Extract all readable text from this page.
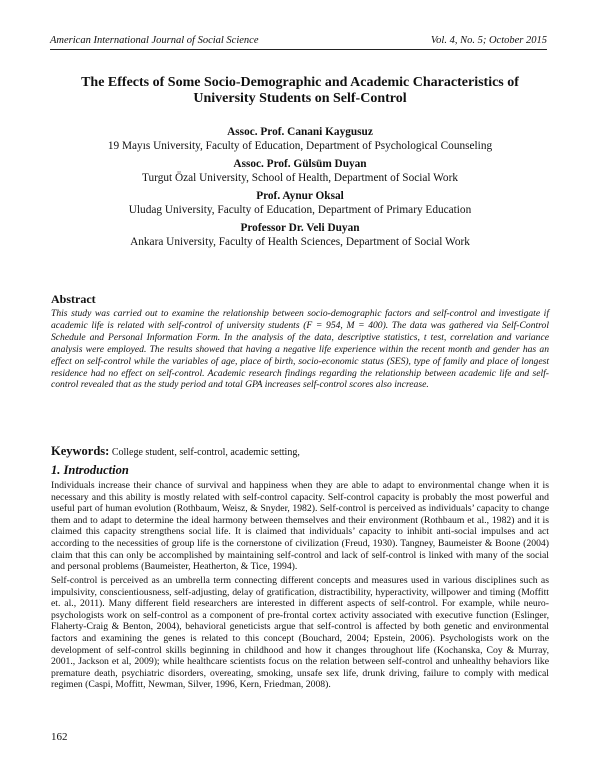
American International Journal of Social Science	Vol. 4, No. 5; October 2015
The Effects of Some Socio-Demographic and Academic Characteristics of University Students on Self-Control
Assoc. Prof. Canani Kaygusuz
19 Mayıs University, Faculty of Education, Department of Psychological Counseling
Assoc. Prof. Gülsüm Duyan
Turgut Özal University, School of Health, Department of Social Work
Prof. Aynur Oksal
Uludag University, Faculty of Education, Department of Primary Education
Professor Dr. Veli Duyan
Ankara University, Faculty of Health Sciences, Department of Social Work
Abstract
This study was carried out to examine the relationship between socio-demographic factors and self-control and investigate if academic life is related with self-control of university students (F = 954, M = 400). The data was gathered via Self-Control Schedule and Personal Information Form. In the analysis of the data, descriptive statistics, t test, correlation and variance analysis were employed. The results showed that having a negative life experience within the recent month and gender has an effect on self-control while the variables of age, place of birth, socio-economic status (SES), type of family and place of longest residence had no effect on self-control. Academic research findings regarding the relationship between academic life and self-control revealed that as the study period and total GPA increases self-control scores also increase.
Keywords: College student, self-control, academic setting,
1. Introduction

Individuals increase their chance of survival and happiness when they are able to adapt to environmental change when it is necessary and this ability is mostly related with self-control capacity. Self-control capacity is probably the most powerful and useful part of human evolution (Rothbaum, Weisz, & Snyder, 1982). Self-control is perceived as individuals’ capacity to change them and to adapt to determine the ideal harmony between themselves and their environment (Rothbaum et al., 1982) and it is claimed this capacity strengthens social life. It is claimed that individuals’ capacity to inhibit anti-social impulses and act according to the necessities of group life is the cornerstone of civilization (Freud, 1930). Tangney, Baumeister & Boone (2004) claim that this can only be accomplished by maintaining self-control and lack of self-control is linked with many of the social and personal problems (Baumeister, Heatherton, & Tice, 1994).

Self-control is perceived as an umbrella term connecting different concepts and measures used in various disciplines such as impulsivity, conscientiousness, self-adjusting, delay of gratification, distractibility, hyperactivity, willpower and timing (Moffitt et. al., 2011). Many different field researchers are interested in different aspects of self-control. For example, while neuro-psychologists work on self-control as a component of pre-frontal cortex activity associated with executive function (Eslinger, Flaherty-Craig & Benton, 2004), behavioral geneticists argue that self-control is affected by both genetic and environmental factors and examining the genes is related to this concept (Bouchard, 2004; Epstein, 2006). Psychologists work on the development of self-control skills beginning in childhood and how it changes throughout life (Kochanska, Coy & Murray, 2001., Jackson et al, 2009); while healthcare scientists focus on the relation between self-control and unhealthy behaviors like premature death, psychiatric disorders, overeating, smoking, unsafe sex life, drunk driving, failure to comply with medical regimen (Caspi, Moffitt, Newman, Silver, 1996, Kern, Friedman, 2008).

162
